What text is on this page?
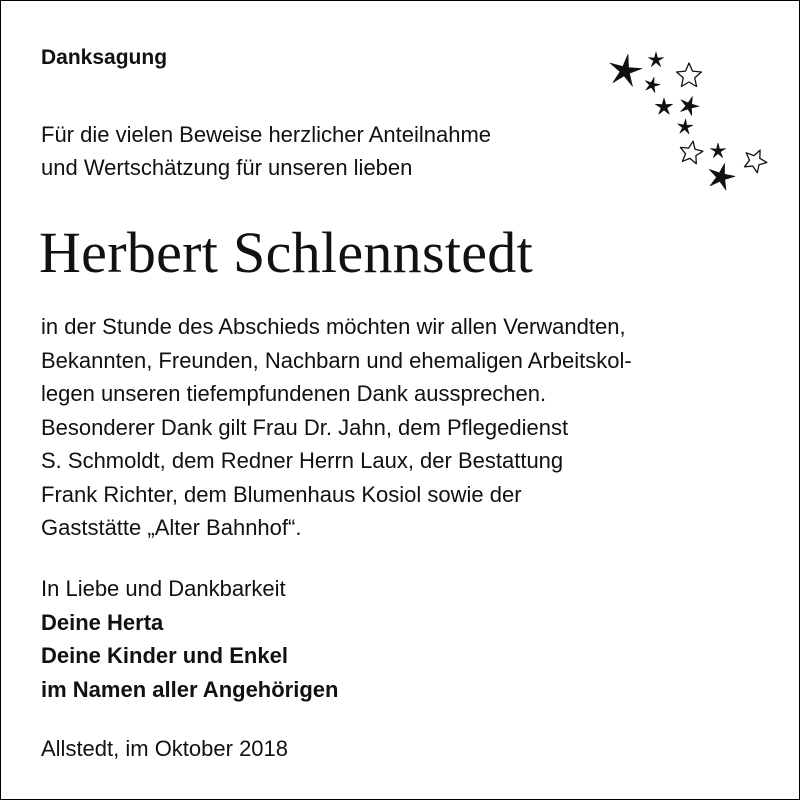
Danksagung
Für die vielen Beweise herzlicher Anteilnahme
und Wertschätzung für unseren lieben
Herbert Schlennstedt
in der Stunde des Abschieds möchten wir allen Verwandten,
Bekannten, Freunden, Nachbarn und ehemaligen Arbeitskol-
legen unseren tiefempfundenen Dank aussprechen.
Besonderer Dank gilt Frau Dr. Jahn, dem Pflegedienst
S. Schmoldt, dem Redner Herrn Laux, der Bestattung
Frank Richter, dem Blumenhaus Kosiol sowie der
Gaststätte „Alter Bahnhof“.
In Liebe und Dankbarkeit
Deine Herta
Deine Kinder und Enkel
im Namen aller Angehörigen
Allstedt, im Oktober 2018
